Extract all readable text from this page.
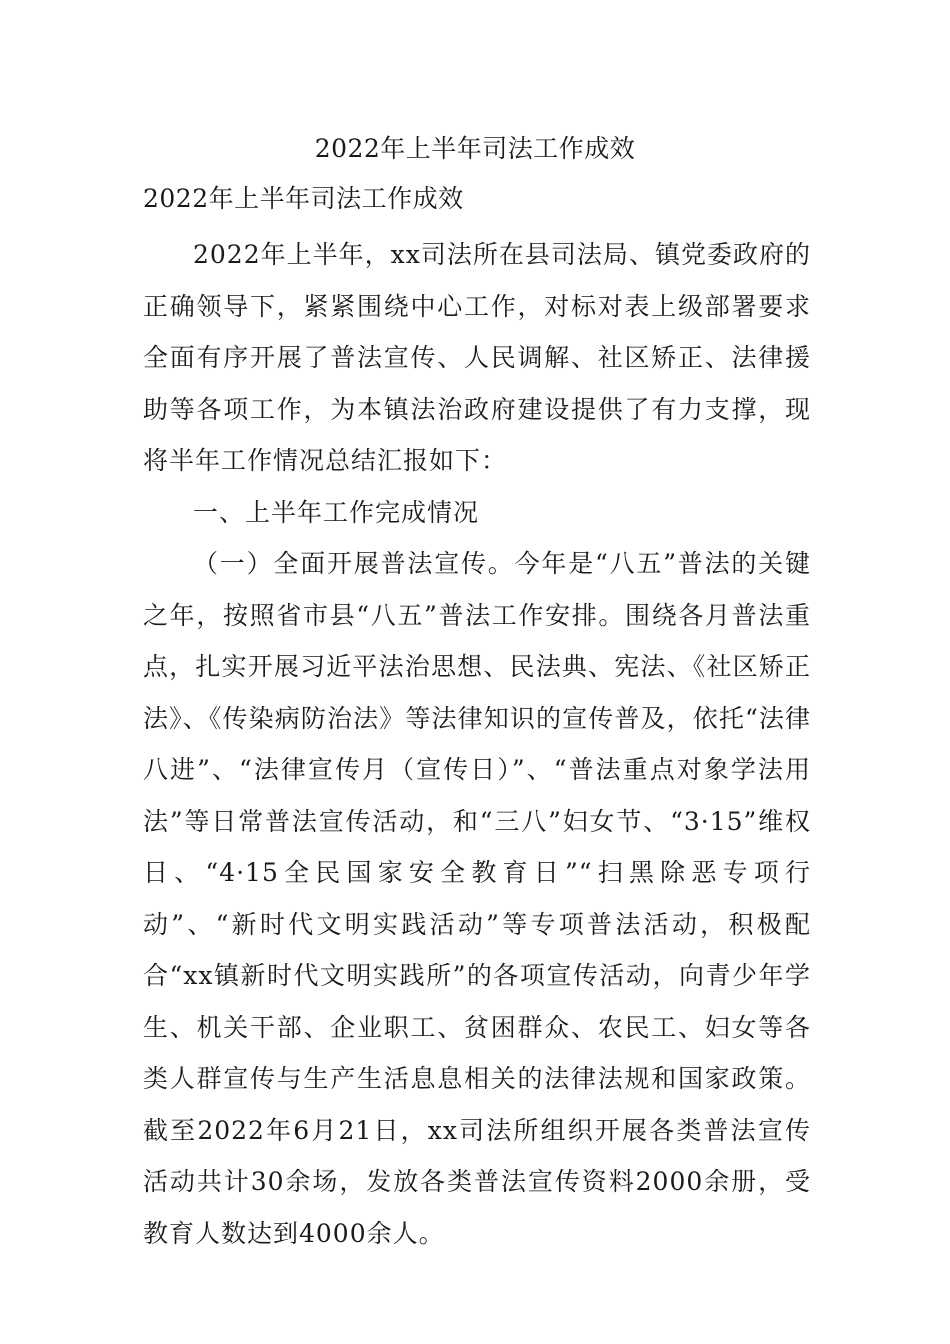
2022年上半年司法工作成效
2022年上半年司法工作成效

2022年上半年，xx司法所在县司法局、镇党委政府的正确领导下，紧紧围绕中心工作，对标对表上级部署要求全面有序开展了普法宣传、人民调解、社区矫正、法律援助等各项工作，为本镇法治政府建设提供了有力支撑，现将半年工作情况总结汇报如下：

一、上半年工作完成情况

（一）全面开展普法宣传。今年是“八五”普法的关键之年，按照省市县“八五”普法工作安排。围绕各月普法重点，扎实开展习近平法治思想、民法典、宪法、《社区矫正法》、《传染病防治法》等法律知识的宣传普及，依托“法律八进”、“法律宣传月（宣传日）”、“普法重点对象学法用法”等日常普法宣传活动，和“三八”妇女节、“3·15”维权日、“4·15全民国家安全教育日”“扫黑除恶专项行动”、“新时代文明实践活动”等专项普法活动，积极配合“xx镇新时代文明实践所”的各项宣传活动，向青少年学生、机关干部、企业职工、贫困群众、农民工、妇女等各类人群宣传与生产生活息息相关的法律法规和国家政策。截至2022年6月21日，xx司法所组织开展各类普法宣传活动共计30余场，发放各类普法宣传资料2000余册，受教育人数达到4000余人。
